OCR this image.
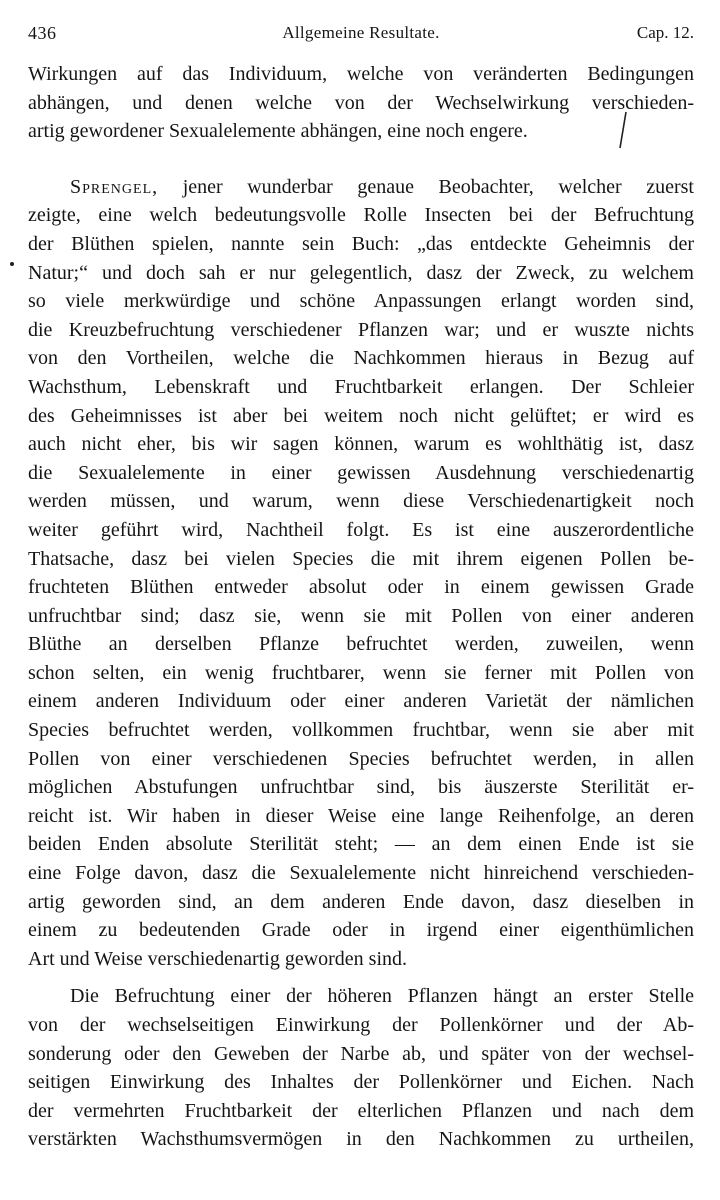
436	Allgemeine Resultate.	Cap. 12.

Wirkungen auf das Individuum, welche von veränderten Bedingungen

abhängen, und denen welche von der Wechselwirkung verschieden-

artig gewordener Sexualelemente abhängen, eine noch engere.

Sprengel, jener wunderbar genaue Beobachter, welcher zuerst

zeigte, eine welch bedeutungsvolle Rolle Insecten bei der Befruchtung

der Blüthen spielen, nannte sein Buch: „das entdeckte Geheimnis der

Natur;“ und doch sah er nur gelegentlich, dasz der Zweck, zu welchem

so viele merkwürdige und schöne Anpassungen erlangt worden sind,

die Kreuzbefruchtung verschiedener Pflanzen war; und er wuszte nichts

von den Vortheilen, welche die Nachkommen hieraus in Bezug auf

Wachsthum, Lebenskraft und Fruchtbarkeit erlangen. Der Schleier

des Geheimnisses ist aber bei weitem noch nicht gelüftet; er wird es

auch nicht eher, bis wir sagen können, warum es wohlthätig ist, dasz

die Sexualelemente in einer gewissen Ausdehnung verschiedenartig

werden müssen, und warum, wenn diese Verschiedenartigkeit noch

weiter geführt wird, Nachtheil folgt. Es ist eine auszerordentliche

Thatsache, dasz bei vielen Species die mit ihrem eigenen Pollen be-

fruchteten Blüthen entweder absolut oder in einem gewissen Grade

unfruchtbar sind; dasz sie, wenn sie mit Pollen von einer anderen

Blüthe an derselben Pflanze befruchtet werden, zuweilen, wenn

schon selten, ein wenig fruchtbarer, wenn sie ferner mit Pollen von

einem anderen Individuum oder einer anderen Varietät der nämlichen

Species befruchtet werden, vollkommen fruchtbar, wenn sie aber mit

Pollen von einer verschiedenen Species befruchtet werden, in allen

möglichen Abstufungen unfruchtbar sind, bis äuszerste Sterilität er-

reicht ist. Wir haben in dieser Weise eine lange Reihenfolge, an deren

beiden Enden absolute Sterilität steht; — an dem einen Ende ist sie

eine Folge davon, dasz die Sexualelemente nicht hinreichend verschieden-

artig geworden sind, an dem anderen Ende davon, dasz dieselben in

einem zu bedeutenden Grade oder in irgend einer eigenthümlichen

Art und Weise verschiedenartig geworden sind.

Die Befruchtung einer der höheren Pflanzen hängt an erster Stelle

von der wechselseitigen Einwirkung der Pollenkörner und der Ab-

sonderung oder den Geweben der Narbe ab, und später von der wechsel-

seitigen Einwirkung des Inhaltes der Pollenkörner und Eichen. Nach

der vermehrten Fruchtbarkeit der elterlichen Pflanzen und nach dem

verstärkten Wachsthumsvermögen in den Nachkommen zu urtheilen,
